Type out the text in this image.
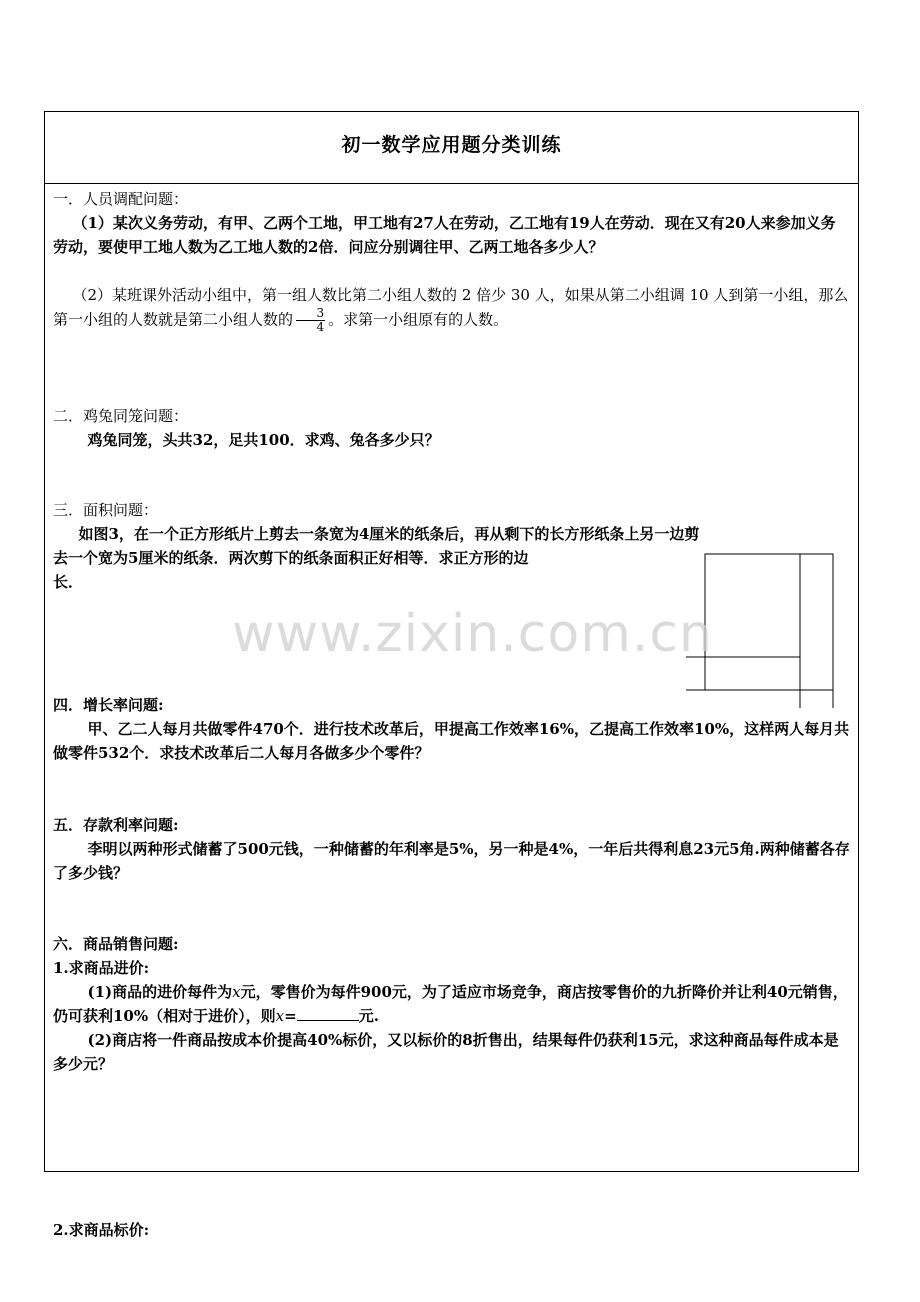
初一数学应用题分类训练

一．人员调配问题：

（1）某次义务劳动，有甲、乙两个工地，甲工地有27人在劳动，乙工地有19人在劳动．现在又有20人来参加义务劳动，要使甲工地人数为乙工地人数的2倍．问应分别调往甲、乙两工地各多少人？

（2）某班课外活动小组中，第一组人数比第二小组人数的 2 倍少 30 人，如果从第二小组调 10 人到第一小组，那么第一小组的人数就是第二小组人数的 $\frac{3}{4}$ 。求第一小组原有的人数。

二．鸡兔同笼问题：

鸡兔同笼，头共32，足共100．求鸡、兔各多少只？

三．面积问题：

如图3，在一个正方形纸片上剪去一条宽为4厘米的纸条后，再从剩下的长方形纸条上另一边剪

去一个宽为5厘米的纸条．两次剪下的纸条面积正好相等．求正方形的边

长．

四．增长率问题:

甲、乙二人每月共做零件470个．进行技术改革后，甲提高工作效率16%，乙提高工作效率10%，这样两人每月共做零件532个．求技术改革后二人每月各做多少个零件？

五．存款利率问题:

李明以两种形式储蓄了500元钱，一种储蓄的年利率是5%，另一种是4%，一年后共得利息23元5角.两种储蓄各存了多少钱？

六．商品销售问题:

1.求商品进价:

(1)商品的进价每件为x元，零售价为每件900元，为了适应市场竞争，商店按零售价的九折降价并让利40元销售，仍可获利10%（相对于进价），则x=	元.

(2)商店将一件商品按成本价提高40%标价，又以标价的8折售出，结果每件仍获利15元，求这种商品每件成本是多少元？

2.求商品标价:

www.zixin.com.cn
